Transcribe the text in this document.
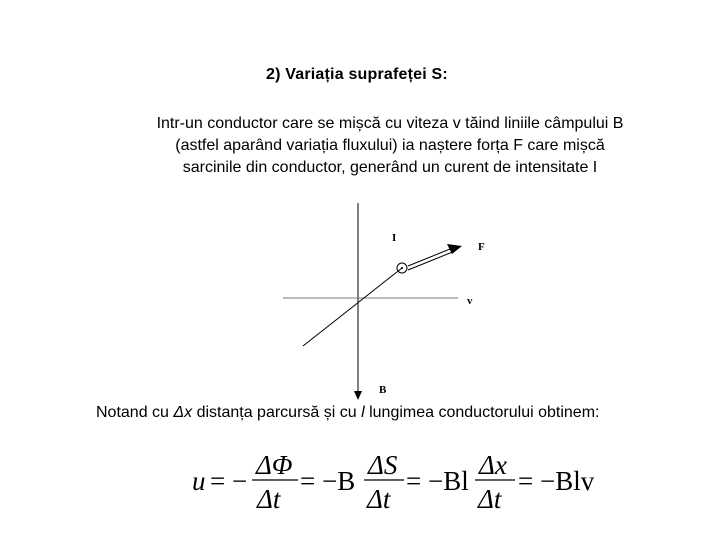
2) Variația suprafeței S:
Intr-un conductor care se mișcă cu viteza v tăind liniile câmpului B
(astfel aparând variația fluxului) ia naștere forța F care mișcă
sarcinile din conductor, generând un curent de intensitate I
I
F
v
B
Notand cu Δx distanța parcursă și cu l lungimea conductorului obtinem:
u = −
ΔΦ
Δt
= −B
ΔS
Δt
= −Bl
Δx
Δt
= −Blv
